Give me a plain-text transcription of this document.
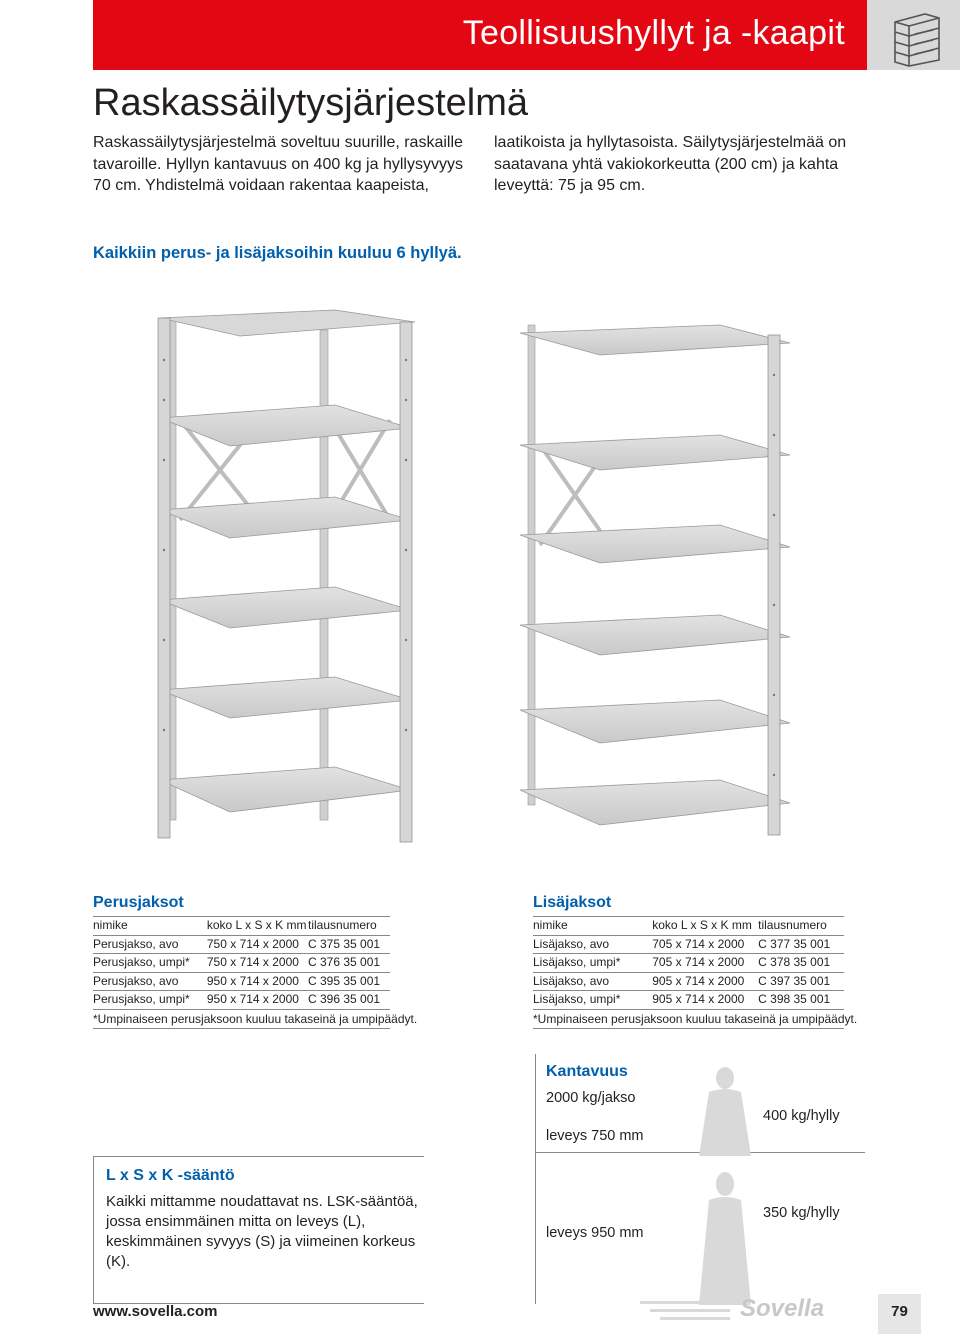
Teollisuushyllyt ja -kaapit
Raskassäilytysjärjestelmä
Raskassäilytysjärjestelmä soveltuu suurille, raskaille tavaroille. Hyllyn kantavuus on 400 kg ja hyllysyvyys 70 cm. Yhdistelmä voidaan rakentaa kaapeista,
laatikoista ja hyllytasoista. Säilytysjärjestelmää on saatavana yhtä vakiokorkeutta (200 cm) ja kahta leveyttä: 75 ja 95 cm.
Kaikkiin perus- ja lisäjaksoihin kuuluu 6 hyllyä.
Perusjaksot
nimike	koko L x S x K mm tilausnumero
Perusjakso, avo	750 x 714 x 2000 C 375 35 001
Perusjakso, umpi*	750 x 714 x 2000 C 376 35 001
Perusjakso, avo	950 x 714 x 2000 C 395 35 001
Perusjakso, umpi*	950 x 714 x 2000 C 396 35 001
*Umpinaiseen perusjaksoon kuuluu takaseinä ja umpipäädyt.
Lisäjaksot
nimike	koko L x S x K mm tilausnumero
Lisäjakso, avo	705 x 714 x 2000	C 377 35 001
Lisäjakso, umpi*	705 x 714 x 2000	C 378 35 001
Lisäjakso, avo	905 x 714 x 2000	C 397 35 001
Lisäjakso, umpi*	905 x 714 x 2000	C 398 35 001
*Umpinaiseen perusjaksoon kuuluu takaseinä ja umpipäädyt.
Kantavuus
2000 kg/jakso
leveys 750 mm
400 kg/hylly
leveys 950 mm
350 kg/hylly
L x S x K -sääntö
Kaikki mittamme noudattavat ns. LSK-sääntöä, jossa ensimmäinen mitta on leveys (L), keskimmäinen syvyys (S) ja viimeinen korkeus (K).
www.sovella.com	Sovella	79
